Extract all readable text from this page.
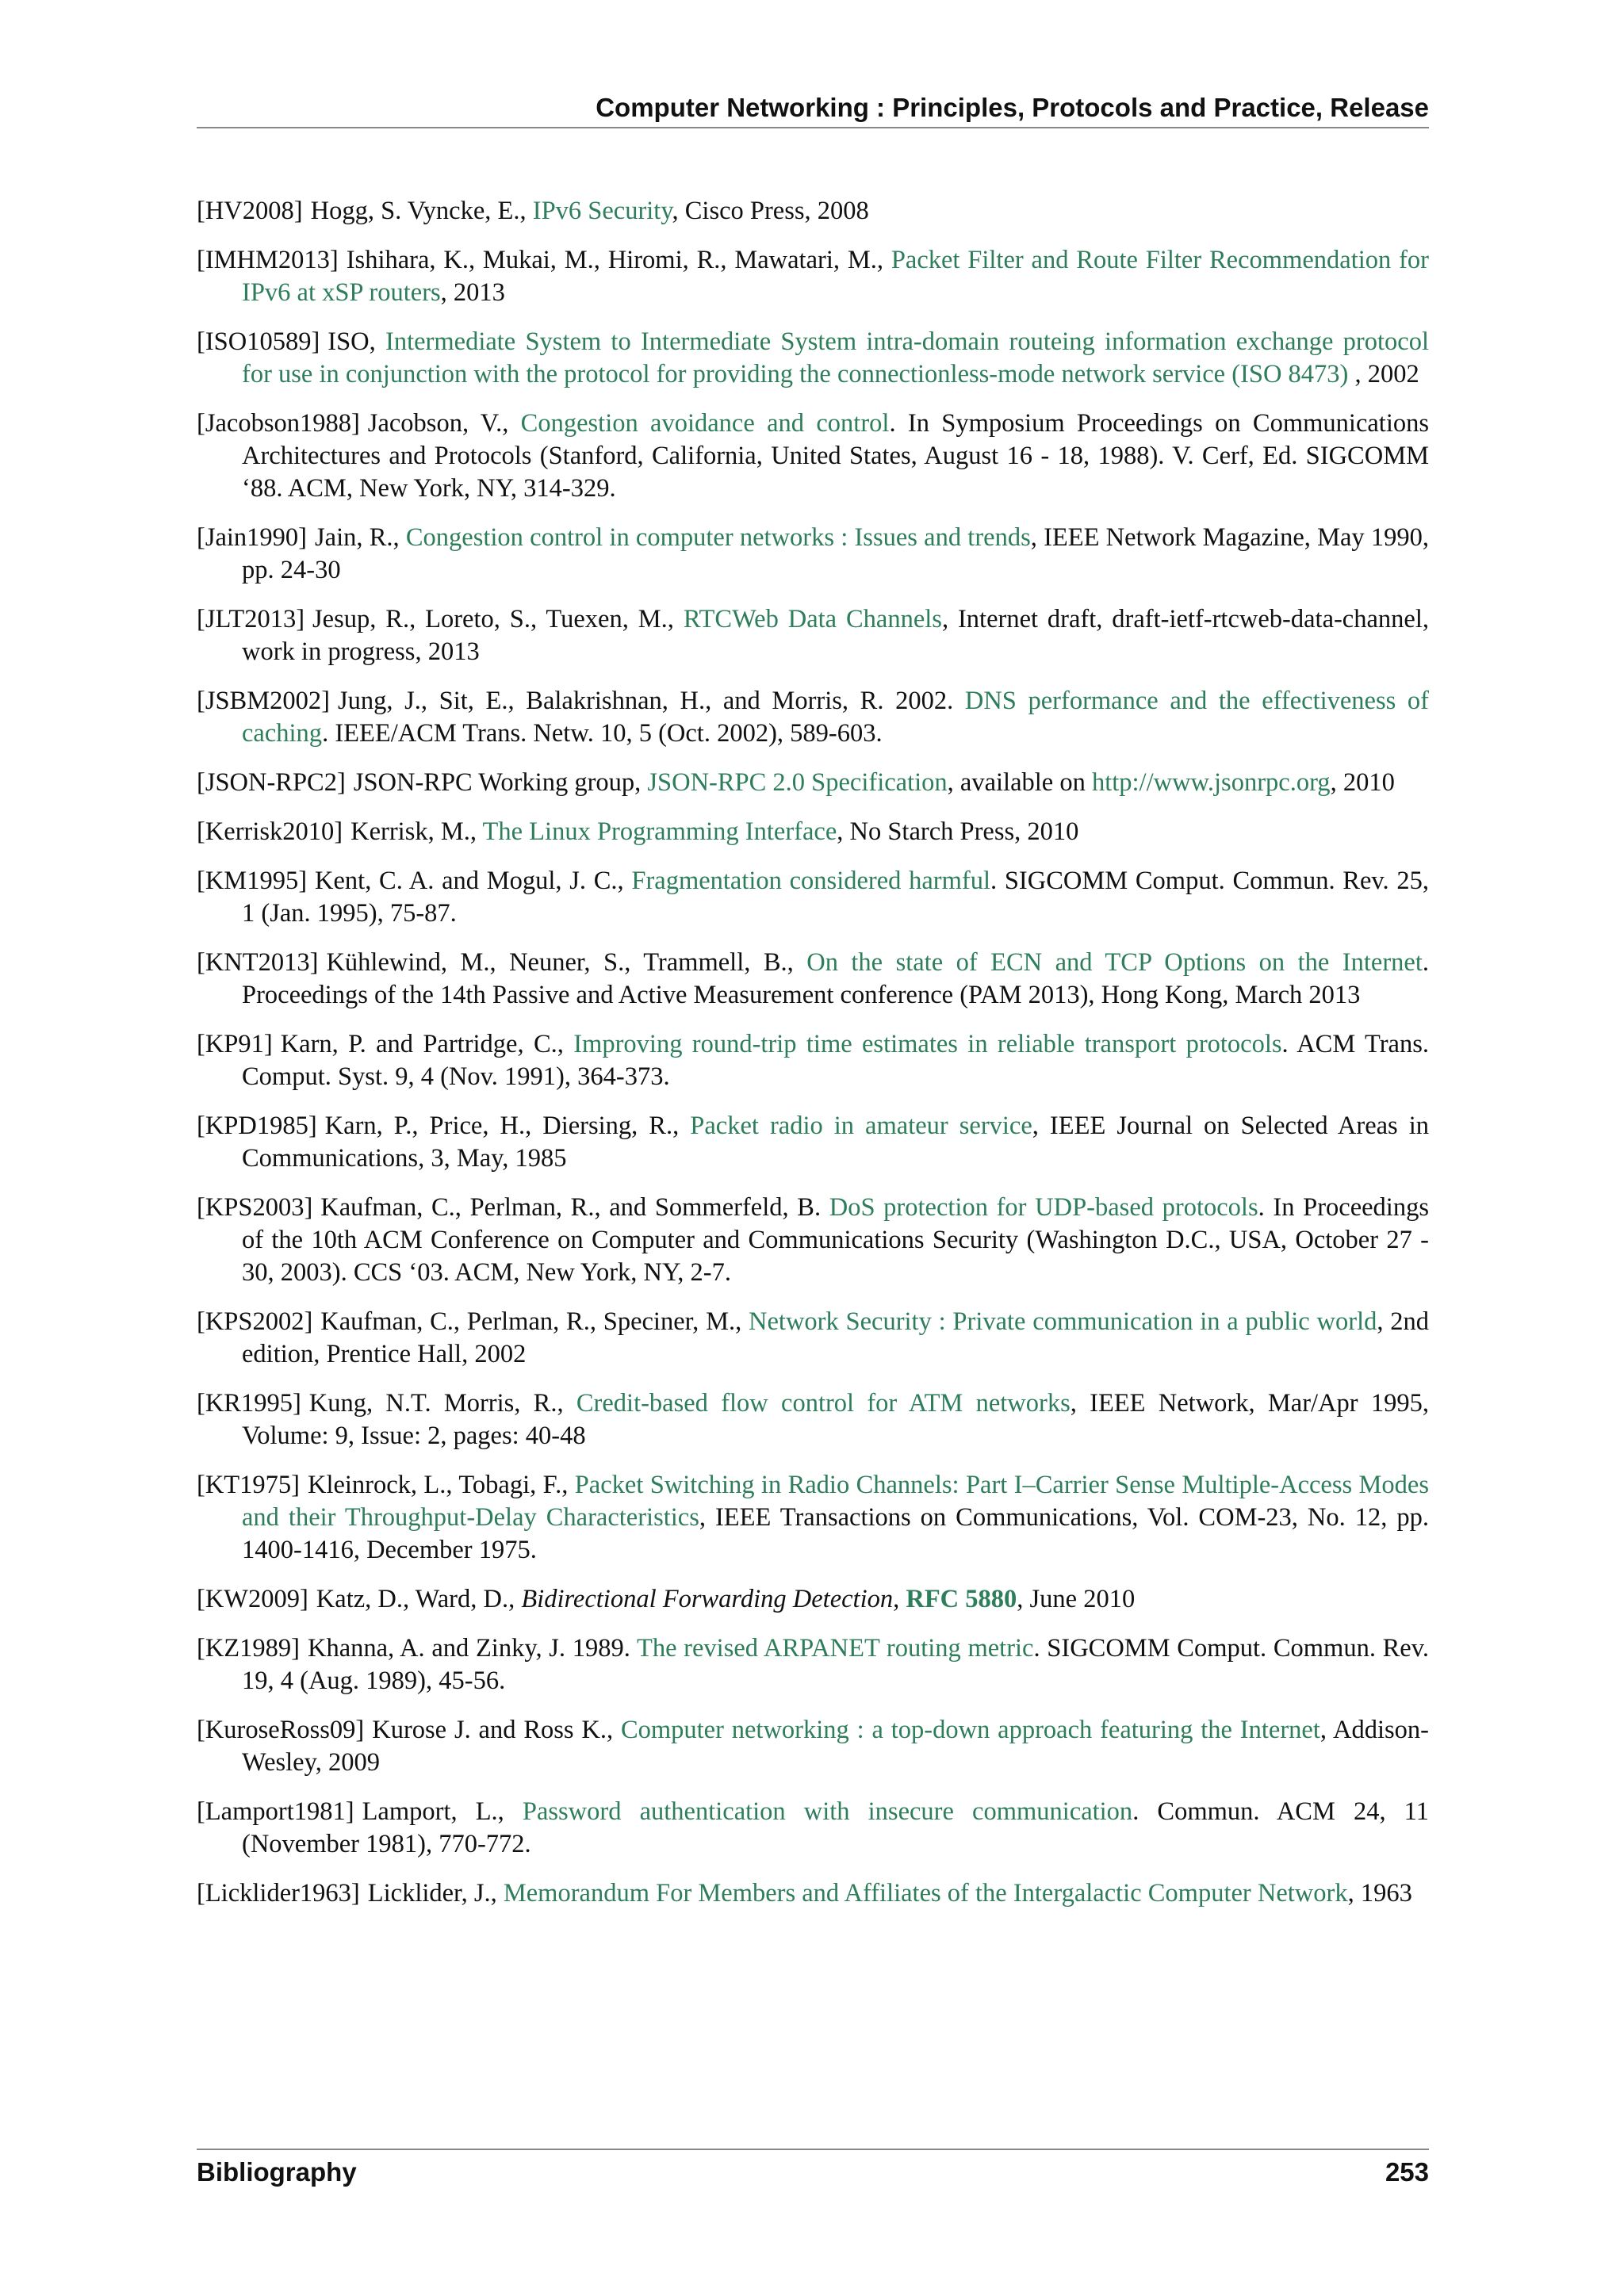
Computer Networking : Principles, Protocols and Practice, Release
[HV2008] Hogg, S. Vyncke, E., IPv6 Security, Cisco Press, 2008
[IMHM2013] Ishihara, K., Mukai, M., Hiromi, R., Mawatari, M., Packet Filter and Route Filter Recommendation for IPv6 at xSP routers, 2013
[ISO10589] ISO, Intermediate System to Intermediate System intra-domain routeing information exchange protocol for use in conjunction with the protocol for providing the connectionless-mode network service (ISO 8473) , 2002
[Jacobson1988] Jacobson, V., Congestion avoidance and control. In Symposium Proceedings on Communications Architectures and Protocols (Stanford, California, United States, August 16 - 18, 1988). V. Cerf, Ed. SIGCOMM ‘88. ACM, New York, NY, 314-329.
[Jain1990] Jain, R., Congestion control in computer networks : Issues and trends, IEEE Network Magazine, May 1990, pp. 24-30
[JLT2013] Jesup, R., Loreto, S., Tuexen, M., RTCWeb Data Channels, Internet draft, draft-ietf-rtcweb-data-channel, work in progress, 2013
[JSBM2002] Jung, J., Sit, E., Balakrishnan, H., and Morris, R. 2002. DNS performance and the effectiveness of caching. IEEE/ACM Trans. Netw. 10, 5 (Oct. 2002), 589-603.
[JSON-RPC2] JSON-RPC Working group, JSON-RPC 2.0 Specification, available on http://www.jsonrpc.org, 2010
[Kerrisk2010] Kerrisk, M., The Linux Programming Interface, No Starch Press, 2010
[KM1995] Kent, C. A. and Mogul, J. C., Fragmentation considered harmful. SIGCOMM Comput. Commun. Rev. 25, 1 (Jan. 1995), 75-87.
[KNT2013] Kühlewind, M., Neuner, S., Trammell, B., On the state of ECN and TCP Options on the Internet. Proceedings of the 14th Passive and Active Measurement conference (PAM 2013), Hong Kong, March 2013
[KP91] Karn, P. and Partridge, C., Improving round-trip time estimates in reliable transport protocols. ACM Trans. Comput. Syst. 9, 4 (Nov. 1991), 364-373.
[KPD1985] Karn, P., Price, H., Diersing, R., Packet radio in amateur service, IEEE Journal on Selected Areas in Communications, 3, May, 1985
[KPS2003] Kaufman, C., Perlman, R., and Sommerfeld, B. DoS protection for UDP-based protocols. In Proceedings of the 10th ACM Conference on Computer and Communications Security (Washington D.C., USA, October 27 - 30, 2003). CCS ‘03. ACM, New York, NY, 2-7.
[KPS2002] Kaufman, C., Perlman, R., Speciner, M., Network Security : Private communication in a public world, 2nd edition, Prentice Hall, 2002
[KR1995] Kung, N.T. Morris, R., Credit-based flow control for ATM networks, IEEE Network, Mar/Apr 1995, Volume: 9, Issue: 2, pages: 40-48
[KT1975] Kleinrock, L., Tobagi, F., Packet Switching in Radio Channels: Part I–Carrier Sense Multiple-Access Modes and their Throughput-Delay Characteristics, IEEE Transactions on Communications, Vol. COM-23, No. 12, pp. 1400-1416, December 1975.
[KW2009] Katz, D., Ward, D., Bidirectional Forwarding Detection, RFC 5880, June 2010
[KZ1989] Khanna, A. and Zinky, J. 1989. The revised ARPANET routing metric. SIGCOMM Comput. Commun. Rev. 19, 4 (Aug. 1989), 45-56.
[KuroseRoss09] Kurose J. and Ross K., Computer networking : a top-down approach featuring the Internet, Addison-Wesley, 2009
[Lamport1981] Lamport, L., Password authentication with insecure communication. Commun. ACM 24, 11 (November 1981), 770-772.
[Licklider1963] Licklider, J., Memorandum For Members and Affiliates of the Intergalactic Computer Network, 1963
Bibliography	253
